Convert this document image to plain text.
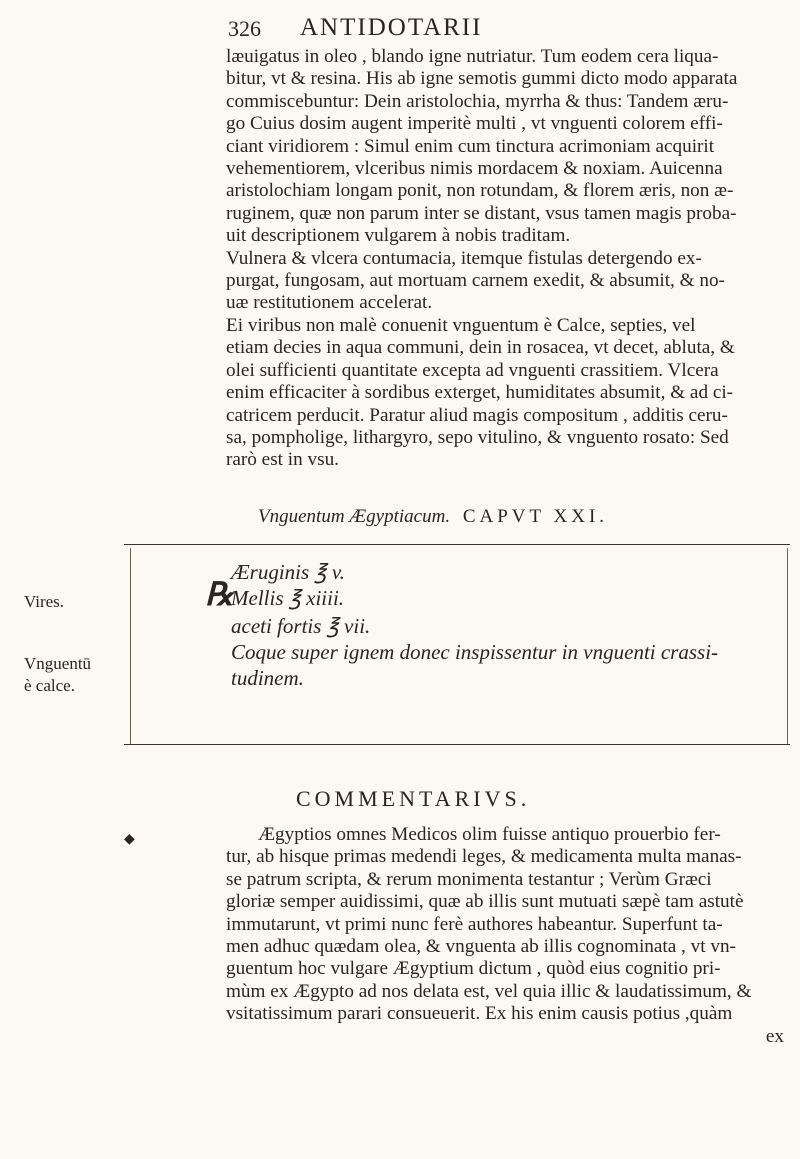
326 ANTIDOTARII
Vires.
Vnguentū
è calce.
læuigatus in oleo , blando igne nutriatur. Tum eodem cera liqua-
bitur, vt & resina. His ab igne semotis gummi dicto modo apparata
commiscebuntur: Dein aristolochia, myrrha & thus: Tandem æru-
go Cuius dosim augent imperitè multi , vt vnguenti colorem effi-
ciant viridiorem : Simul enim cum tinctura acrimoniam acquirit
vehementiorem, vlceribus nimis mordacem & noxiam. Auicenna
aristolochiam longam ponit, non rotundam, & florem æris, non æ-
ruginem, quæ non parum inter se distant, vsus tamen magis proba-
uit descriptionem vulgarem à nobis traditam.
Vulnera & vlcera contumacia, itemque fistulas detergendo ex-
purgat, fungosam, aut mortuam carnem exedit, & absumit, & no-
uæ restitutionem accelerat.
Ei viribus non malè conuenit vnguentum è Calce, septies, vel
etiam decies in aqua communi, dein in rosacea, vt decet, abluta, &
olei sufficienti quantitate excepta ad vnguenti crassitiem. Vlcera
enim efficaciter à sordibus exterget, humiditates absumit, & ad ci-
catricem perducit. Paratur aliud magis compositum , additis ceru-
sa, pompholige, lithargyro, sepo vitulino, & vnguento rosato: Sed
rarò est in vsu.
Vnguentum Ægyptiacum. CAPVT XXI.
℞
Æruginis ℥ v.
Mellis ℥ xiiii.
aceti fortis ℥ vii.
Coque super ignem donec inspissentur in vnguenti crassi-
tudinem.
COMMENTARIVS.
◆	Ægyptios omnes Medicos olim fuisse antiquo prouerbio fer-
tur, ab hisque primas medendi leges, & medicamenta multa manas-
se patrum scripta, & rerum monimenta testantur ; Verùm Græci
gloriæ semper auidissimi, quæ ab illis sunt mutuati sæpè tam astutè
immutarunt, vt primi nunc ferè authores habeantur. Superfunt ta-
men adhuc quædam olea, & vnguenta ab illis cognominata , vt vn-
guentum hoc vulgare Ægyptium dictum , quòd eius cognitio pri-
mùm ex Ægypto ad nos delata est, vel quia illic & laudatissimum, &
vsitatissimum parari consueuerit. Ex his enim causis potius ,quàm
ex
